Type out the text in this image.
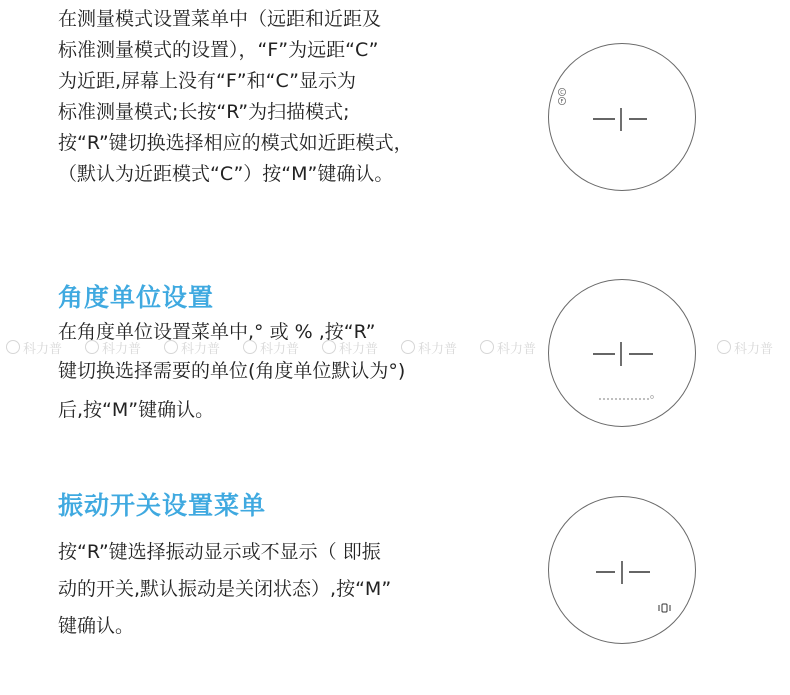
科力普	科力普	科力普	科力普	科力普	科力普	科力普	科力普
在测量模式设置菜单中（远距和近距及
标准测量模式的设置），“F”为远距“C”
为近距,屏幕上没有“F”和“C”显示为
标准测量模式;长按“R”为扫描模式;
按“R”键切换选择相应的模式如近距模式，
（默认为近距模式“C”）按“M”键确认。
C
F
角度单位设置
在角度单位设置菜单中,° 或 % ,按“R”
键切换选择需要的单位(角度单位默认为°)
后,按“M”键确认。
振动开关设置菜单
按“R”键选择振动显示或不显示（ 即振
动的开关,默认振动是关闭状态）,按“M”
键确认。
